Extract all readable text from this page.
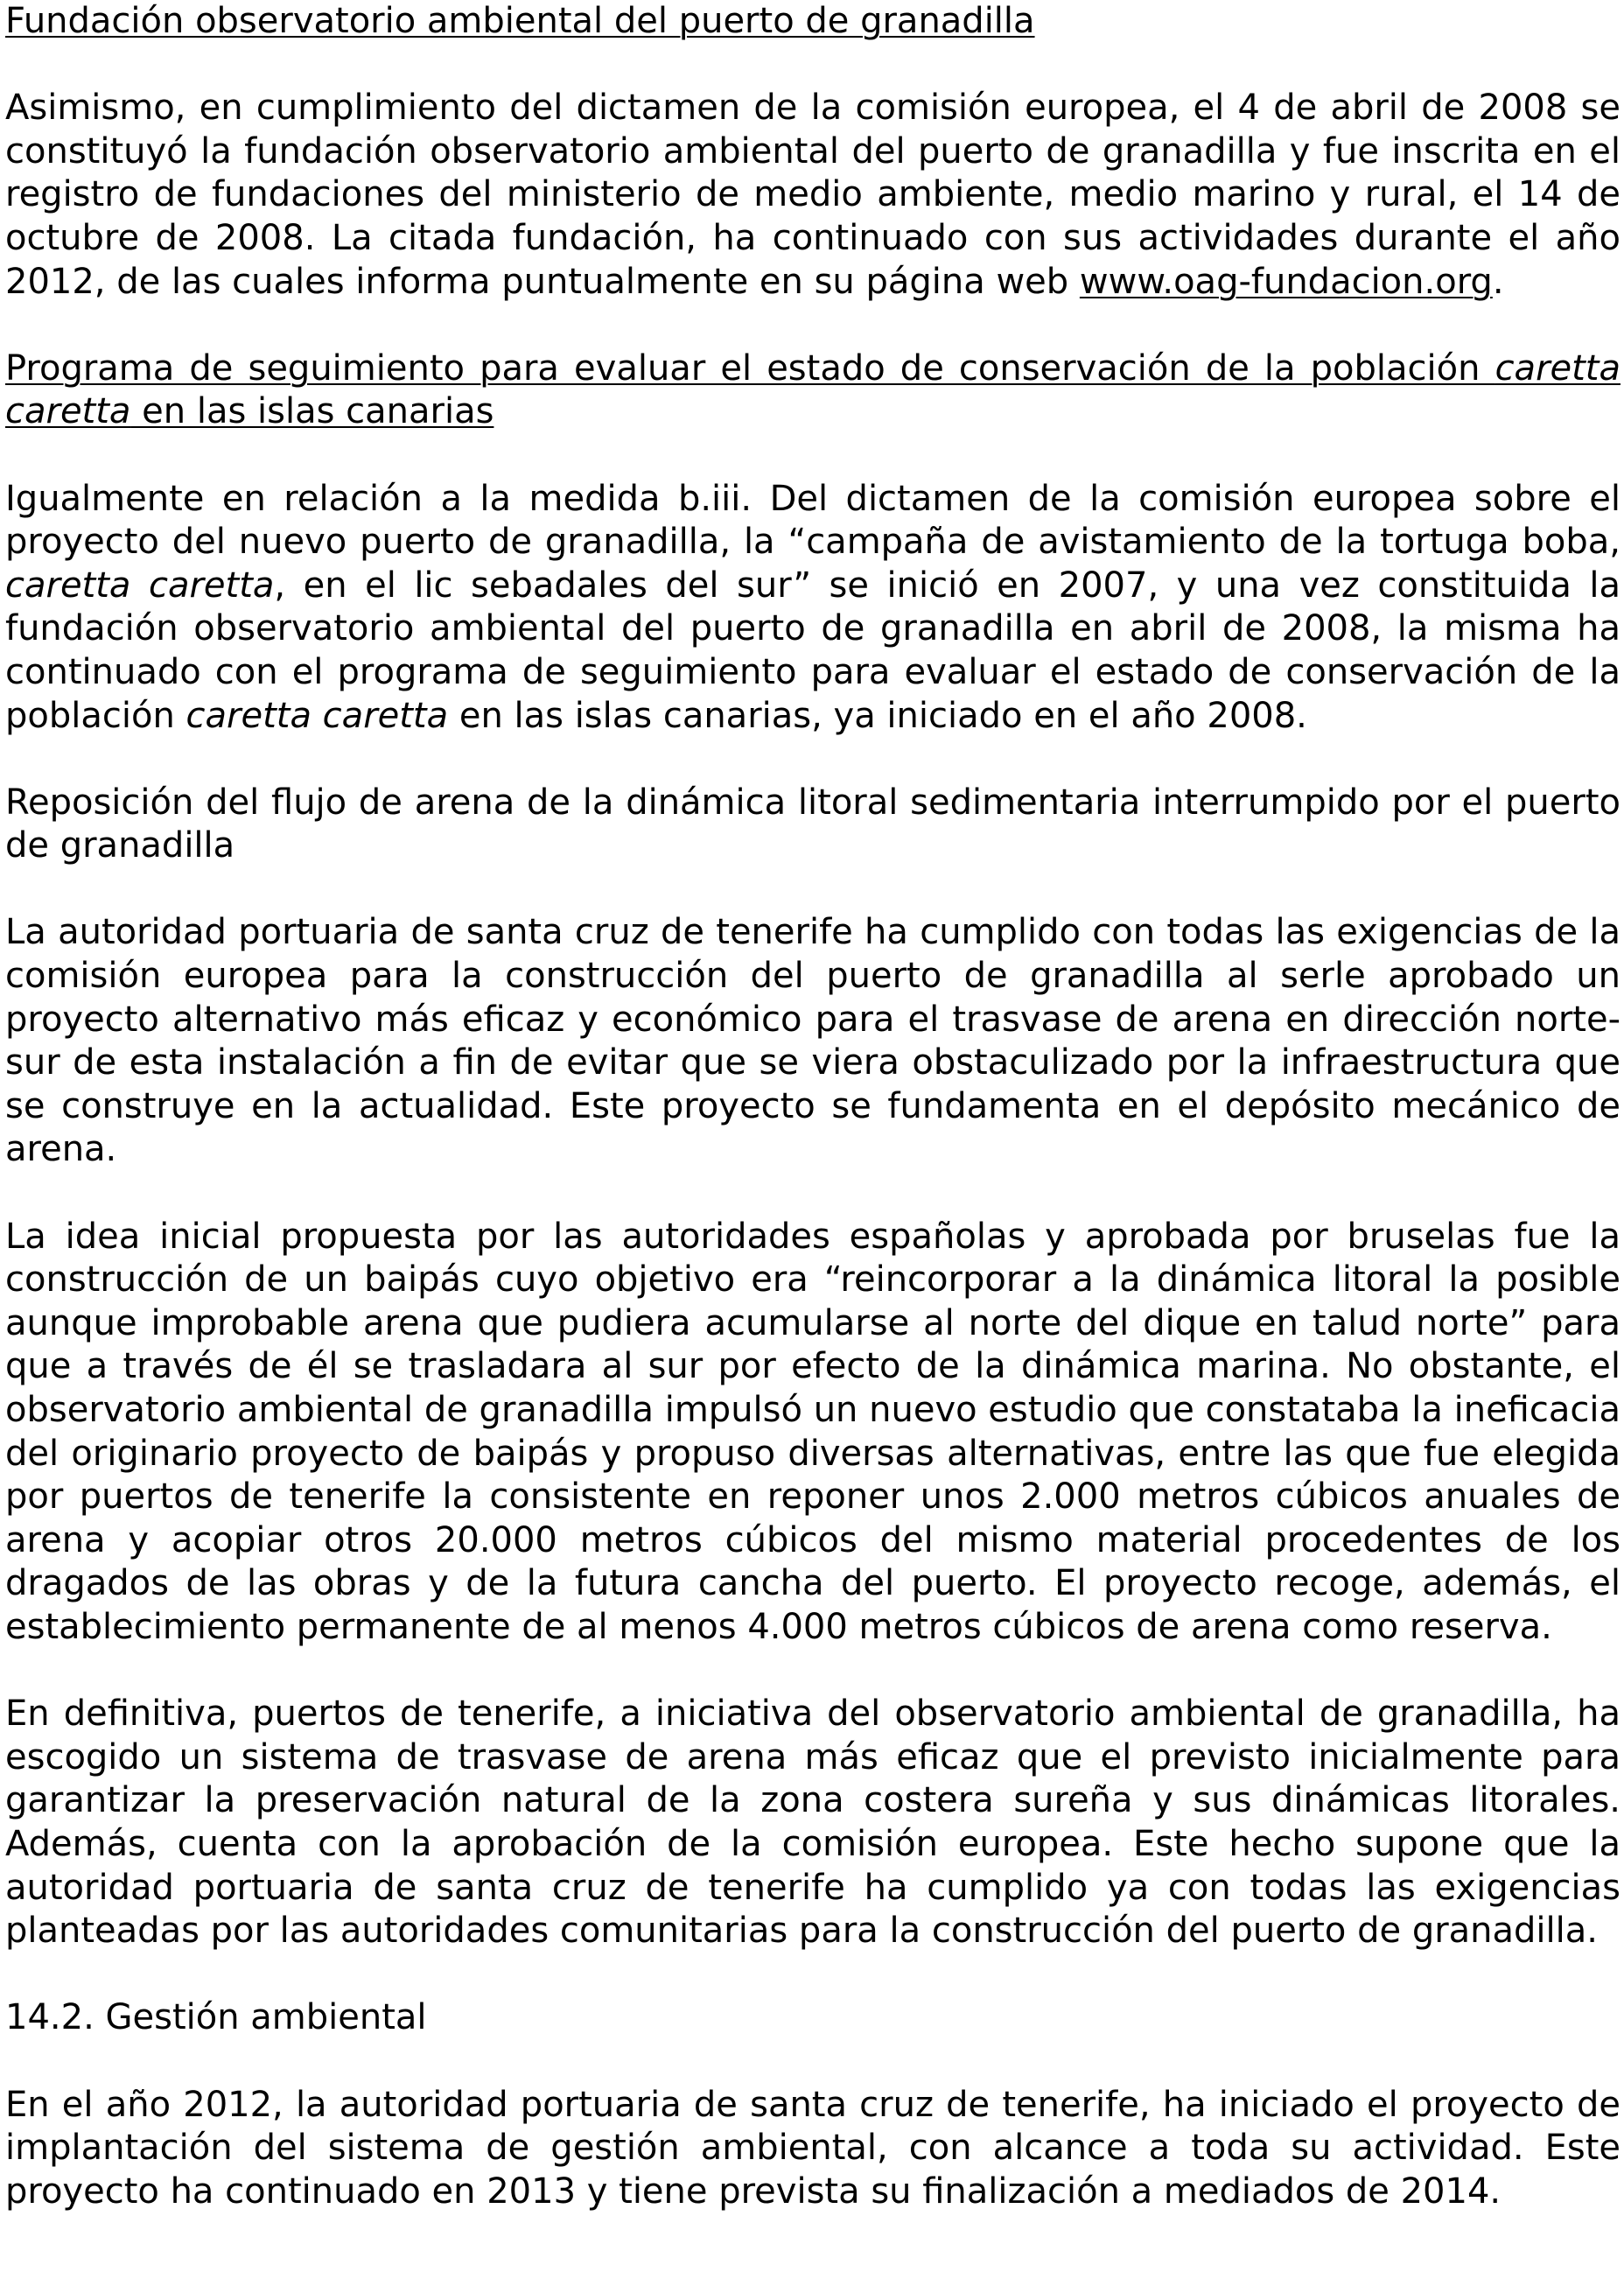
Fundación observatorio ambiental del puerto de granadilla

Asimismo, en cumplimiento del dictamen de la comisión europea, el 4 de abril de 2008 se constituyó la fundación observatorio ambiental del puerto de granadilla y fue inscrita en el registro de fundaciones del ministerio de medio ambiente, medio marino y rural, el 14 de octubre de 2008. La citada fundación, ha continuado con sus actividades durante el año 2012, de las cuales informa puntualmente en su página web www.oag-fundacion.org.

Programa de seguimiento para evaluar el estado de conservación de la población caretta caretta en las islas canarias

Igualmente en relación a la medida b.iii. Del dictamen de la comisión europea sobre el proyecto del nuevo puerto de granadilla, la “campaña de avistamiento de la tortuga boba, caretta caretta, en el lic sebadales del sur” se inició en 2007, y una vez constituida la fundación observatorio ambiental del puerto de granadilla en abril de 2008, la misma ha continuado con el programa de seguimiento para evaluar el estado de conservación de la población caretta caretta en las islas canarias, ya iniciado en el año 2008.

Reposición del flujo de arena de la dinámica litoral sedimentaria interrumpido por el puerto de granadilla

La autoridad portuaria de santa cruz de tenerife ha cumplido con todas las exigencias de la comisión europea para la construcción del puerto de granadilla al serle aprobado un proyecto alternativo más eficaz y económico para el trasvase de arena en dirección norte-sur de esta instalación a fin de evitar que se viera obstaculizado por la infraestructura que se construye en la actualidad. Este proyecto se fundamenta en el depósito mecánico de arena.

La idea inicial propuesta por las autoridades españolas y aprobada por bruselas fue la construcción de un baipás cuyo objetivo era “reincorporar a la dinámica litoral la posible aunque improbable arena que pudiera acumularse al norte del dique en talud norte” para que a través de él se trasladara al sur por efecto de la dinámica marina. No obstante, el observatorio ambiental de granadilla impulsó un nuevo estudio que constataba la ineficacia del originario proyecto de baipás y propuso diversas alternativas, entre las que fue elegida por puertos de tenerife la consistente en reponer unos 2.000 metros cúbicos anuales de arena y acopiar otros 20.000 metros cúbicos del mismo material procedentes de los dragados de las obras y de la futura cancha del puerto. El proyecto recoge, además, el establecimiento permanente de al menos 4.000 metros cúbicos de arena como reserva.

En definitiva, puertos de tenerife, a iniciativa del observatorio ambiental de granadilla, ha escogido un sistema de trasvase de arena más eficaz que el previsto inicialmente para garantizar la preservación natural de la zona costera sureña y sus dinámicas litorales. Además, cuenta con la aprobación de la comisión europea. Este hecho supone que la autoridad portuaria de santa cruz de tenerife ha cumplido ya con todas las exigencias planteadas por las autoridades comunitarias para la construcción del puerto de granadilla.

14.2. Gestión ambiental

En el año 2012, la autoridad portuaria de santa cruz de tenerife, ha iniciado el proyecto de implantación del sistema de gestión ambiental, con alcance a toda su actividad. Este proyecto ha continuado en 2013 y tiene prevista su finalización a mediados de 2014.
